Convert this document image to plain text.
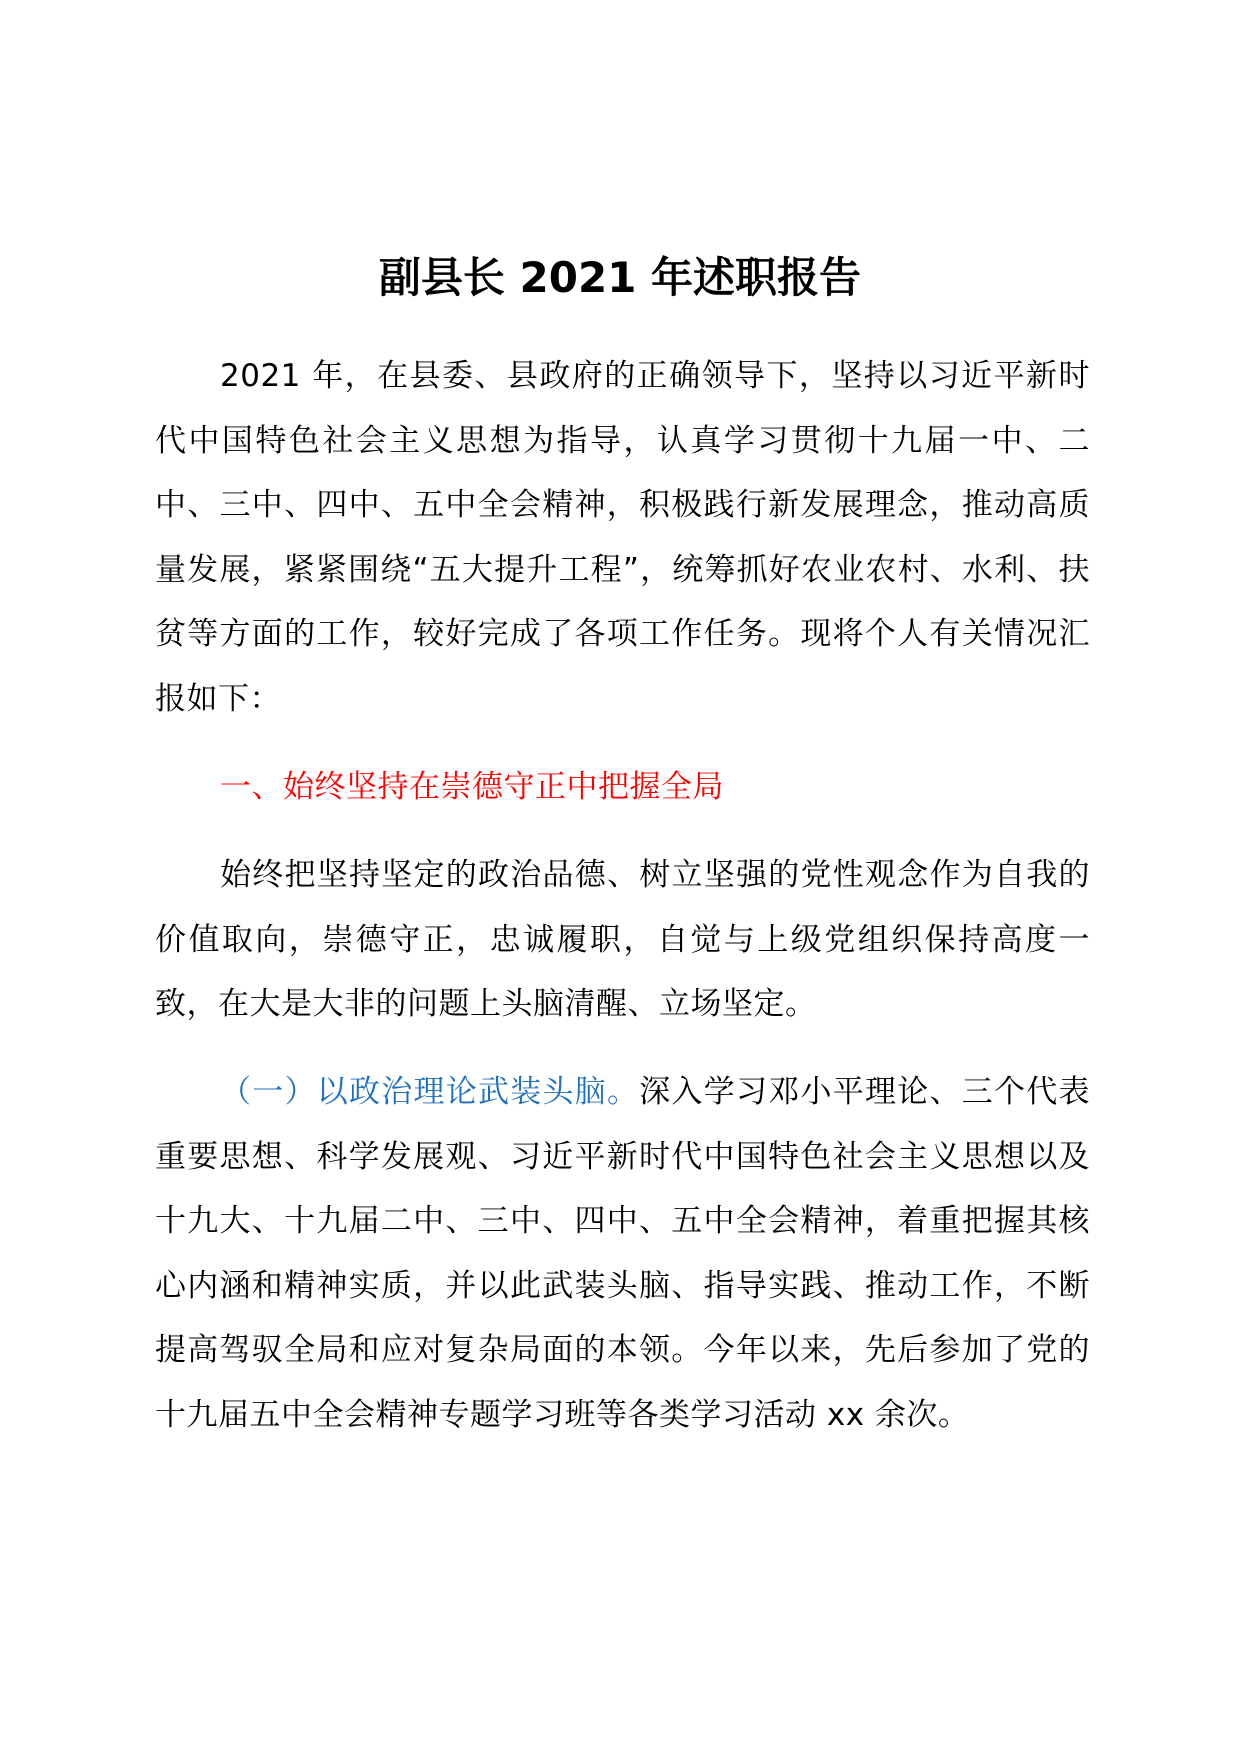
副县长 2021 年述职报告
2021 年，在县委、县政府的正确领导下，坚持以习近平新时代中国特色社会主义思想为指导，认真学习贯彻十九届一中、二中、三中、四中、五中全会精神，积极践行新发展理念，推动高质量发展，紧紧围绕“五大提升工程”，统筹抓好农业农村、水利、扶贫等方面的工作，较好完成了各项工作任务。现将个人有关情况汇报如下：
一、始终坚持在崇德守正中把握全局
始终把坚持坚定的政治品德、树立坚强的党性观念作为自我的价值取向，崇德守正，忠诚履职，自觉与上级党组织保持高度一致，在大是大非的问题上头脑清醒、立场坚定。
（一）以政治理论武装头脑。深入学习邓小平理论、三个代表重要思想、科学发展观、习近平新时代中国特色社会主义思想以及十九大、十九届二中、三中、四中、五中全会精神，着重把握其核心内涵和精神实质，并以此武装头脑、指导实践、推动工作，不断提高驾驭全局和应对复杂局面的本领。今年以来，先后参加了党的十九届五中全会精神专题学习班等各类学习活动 xx 余次。
